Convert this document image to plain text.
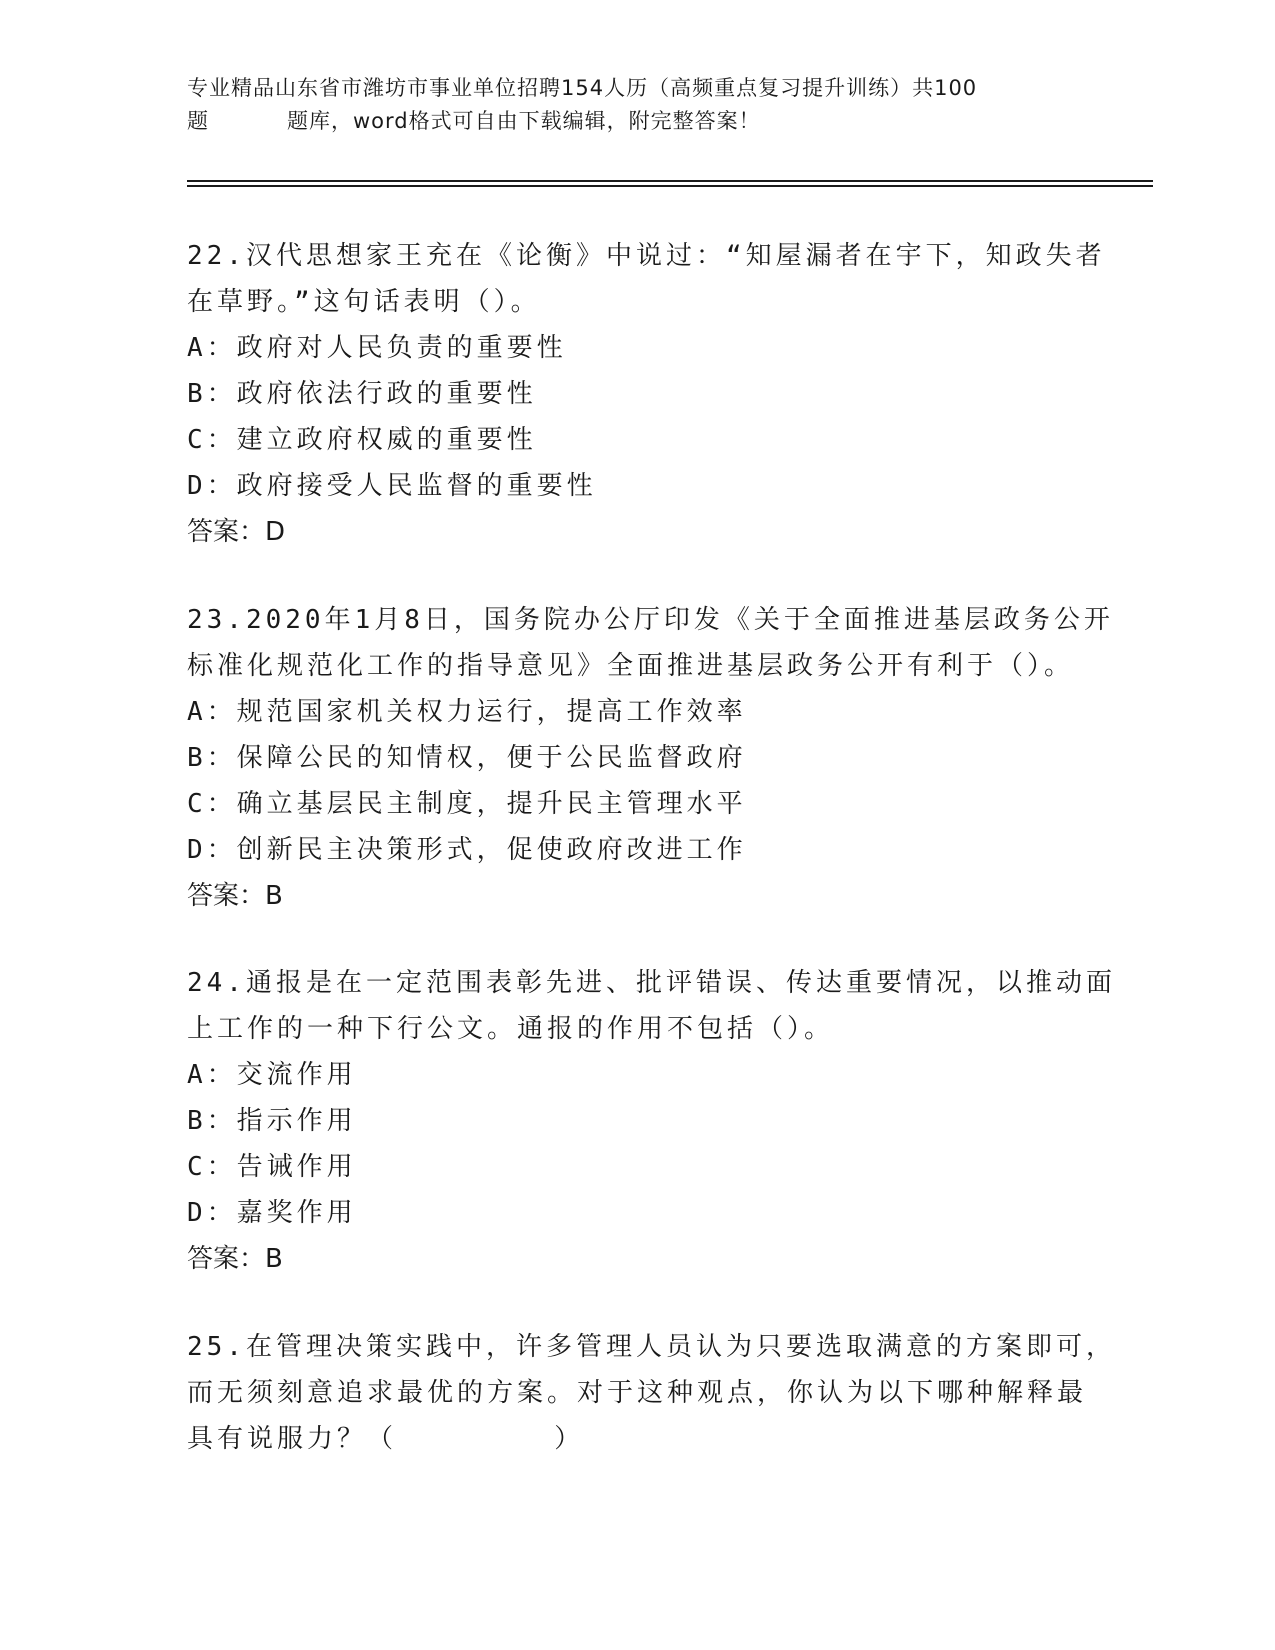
专业精品山东省市潍坊市事业单位招聘154人历（高频重点复习提升训练）共100
题	题库，word格式可自由下载编辑，附完整答案！

22.汉代思想家王充在《论衡》中说过：“知屋漏者在宇下，知政失者

在草野。”这句话表明（）。

A：政府对人民负责的重要性

B：政府依法行政的重要性

C：建立政府权威的重要性

D：政府接受人民监督的重要性

答案：D

23.2020年1月8日，国务院办公厅印发《关于全面推进基层政务公开

标准化规范化工作的指导意见》全面推进基层政务公开有利于（）。

A：规范国家机关权力运行，提高工作效率

B：保障公民的知情权，便于公民监督政府

C：确立基层民主制度，提升民主管理水平

D：创新民主决策形式，促使政府改进工作

答案：B

24.通报是在一定范围表彰先进、批评错误、传达重要情况，以推动面

上工作的一种下行公文。通报的作用不包括（）。

A：交流作用

B：指示作用

C：告诫作用

D：嘉奖作用

答案：B

25.在管理决策实践中，许多管理人员认为只要选取满意的方案即可，

而无须刻意追求最优的方案。对于这种观点，你认为以下哪种解释最

具有说服力？（        ）
